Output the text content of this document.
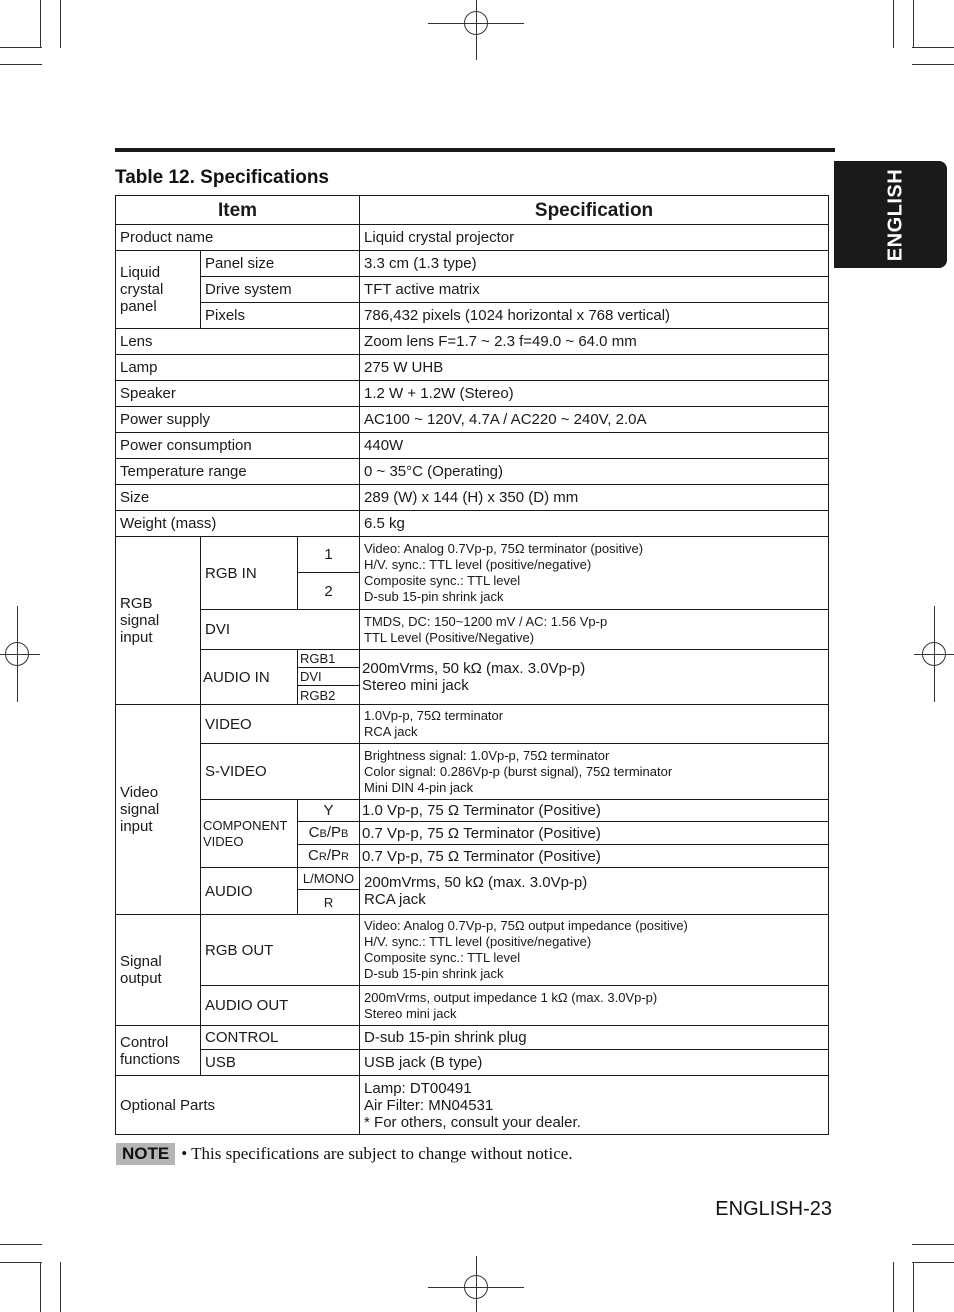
ENGLISH
Table 12. Specifications
Item			Specification
Product name			Liquid crystal projector

Liquid
crystal
panel	Panel size		3.3 cm (1.3 type)
	Drive system		TFT active matrix
	Pixels		786,432 pixels (1024 horizontal x 768 vertical)
Lens			Zoom lens F=1.7 ~ 2.3 f=49.0 ~ 64.0 mm
Lamp			275 W UHB
Speaker			1.2 W + 1.2W (Stereo)
Power supply			AC100 ~ 120V, 4.7A / AC220 ~ 240V, 2.0A
Power consumption			440W
Temperature range			0 ~ 35°C (Operating)
Size			289 (W) x 144 (H) x 350 (D) mm
Weight (mass)			6.5 kg

RGB
signal
input	RGB IN	1	Video: Analog 0.7Vp-p, 75Ω terminator (positive)
H/V. sync.: TTL level (positive/negative)
Composite sync.: TTL level
D-sub 15-pin shrink jack

		2	
	DVI		TMDS, DC: 150~1200 mV / AC: 1.56 Vp-p
TTL Level (Positive/Negative)

	AUDIO IN	RGB1	200mVrms, 50 kΩ (max. 3.0Vp-p)
Stereo mini jack

		DVI	
		RGB2	

Video
signal
input	VIDEO		1.0Vp-p, 75Ω terminator
RCA jack

	S-VIDEO		Brightness signal: 1.0Vp-p, 75Ω terminator
Color signal: 0.286Vp-p (burst signal), 75Ω terminator
Mini DIN 4-pin jack

	COMPONENT
VIDEO	Y	1.0 Vp-p, 75 Ω Terminator (Positive)
		CB/PB	0.7 Vp-p, 75 Ω Terminator (Positive)
		CR/PR	0.7 Vp-p, 75 Ω Terminator (Positive)
	AUDIO	L/MONO	200mVrms, 50 kΩ (max. 3.0Vp-p)
RCA jack

		R	

Signal
output	RGB OUT		Video: Analog 0.7Vp-p, 75Ω output impedance (positive)
H/V. sync.: TTL level (positive/negative)
Composite sync.: TTL level
D-sub 15-pin shrink jack

	AUDIO OUT		200mVrms, output impedance 1 kΩ (max. 3.0Vp-p)
Stereo mini jack

Control
functions	CONTROL		D-sub 15-pin shrink plug
	USB		USB jack (B type)
Optional Parts			Lamp: DT00491
Air Filter: MN04531
* For others, consult your dealer.
NOTE • This specifications are subject to change without notice.
ENGLISH-23
